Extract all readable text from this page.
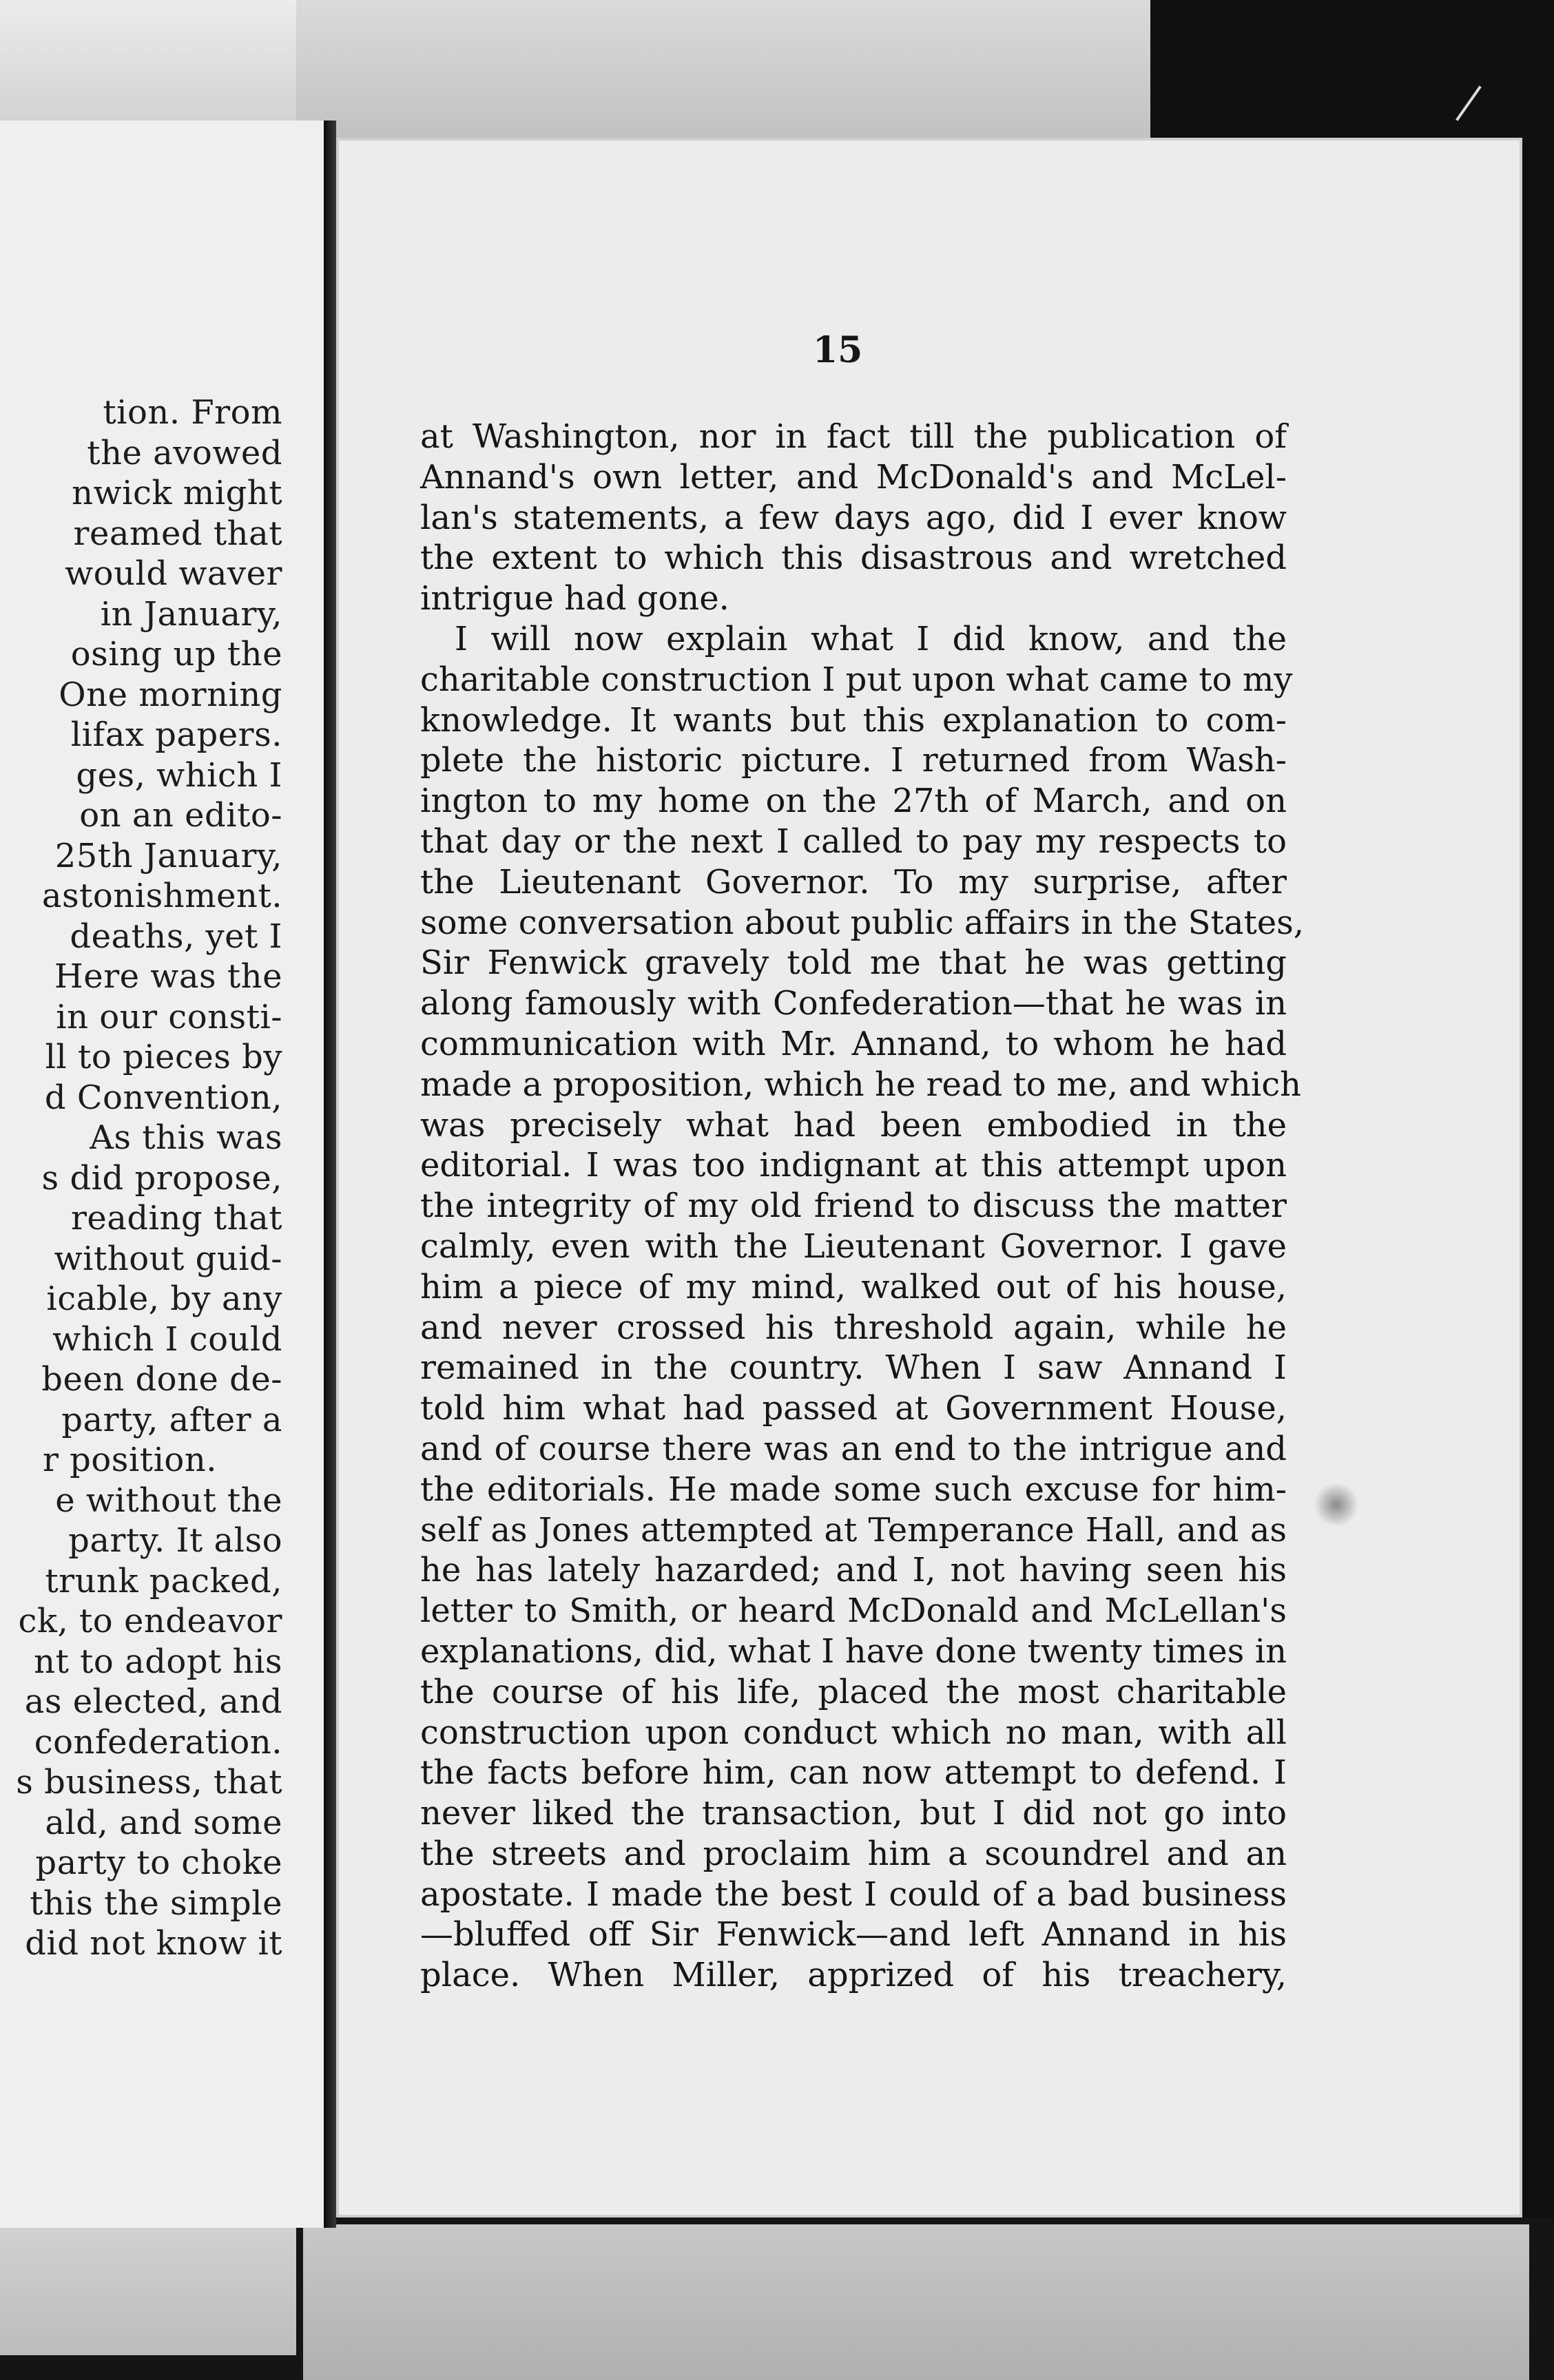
tion. From
the avowed
nwick might
reamed that
would waver
in January,
osing up the
One morning
lifax papers.
ges, which I
on an edito-
25th January,
astonishment.
deaths, yet I
Here was the
in our consti-
ll to pieces by
d Convention,
As this was
s did propose,
reading that
without guid-
icable, by any
which I could
been done de-
party, after a
r position.
e without the
party. It also
trunk packed,
ck, to endeavor
nt to adopt his
as elected, and
confederation.
s business, that
ald, and some
party to choke
this the simple
did not know it
15
at Washington, nor in fact till the publication of
Annand's own letter, and McDonald's and McLel-
lan's statements, a few days ago, did I ever know
the extent to which this disastrous and wretched
intrigue had gone.
I will now explain what I did know, and the
charitable construction I put upon what came to my
knowledge. It wants but this explanation to com-
plete the historic picture. I returned from Wash-
ington to my home on the 27th of March, and on
that day or the next I called to pay my respects to
the Lieutenant Governor. To my surprise, after
some conversation about public affairs in the States,
Sir Fenwick gravely told me that he was getting
along famously with Confederation—that he was in
communication with Mr. Annand, to whom he had
made a proposition, which he read to me, and which
was precisely what had been embodied in the
editorial. I was too indignant at this attempt upon
the integrity of my old friend to discuss the matter
calmly, even with the Lieutenant Governor. I gave
him a piece of my mind, walked out of his house,
and never crossed his threshold again, while he
remained in the country. When I saw Annand I
told him what had passed at Government House,
and of course there was an end to the intrigue and
the editorials. He made some such excuse for him-
self as Jones attempted at Temperance Hall, and as
he has lately hazarded; and I, not having seen his
letter to Smith, or heard McDonald and McLellan's
explanations, did, what I have done twenty times in
the course of his life, placed the most charitable
construction upon conduct which no man, with all
the facts before him, can now attempt to defend. I
never liked the transaction, but I did not go into
the streets and proclaim him a scoundrel and an
apostate. I made the best I could of a bad business
—bluffed off Sir Fenwick—and left Annand in his
place. When Miller, apprized of his treachery,
